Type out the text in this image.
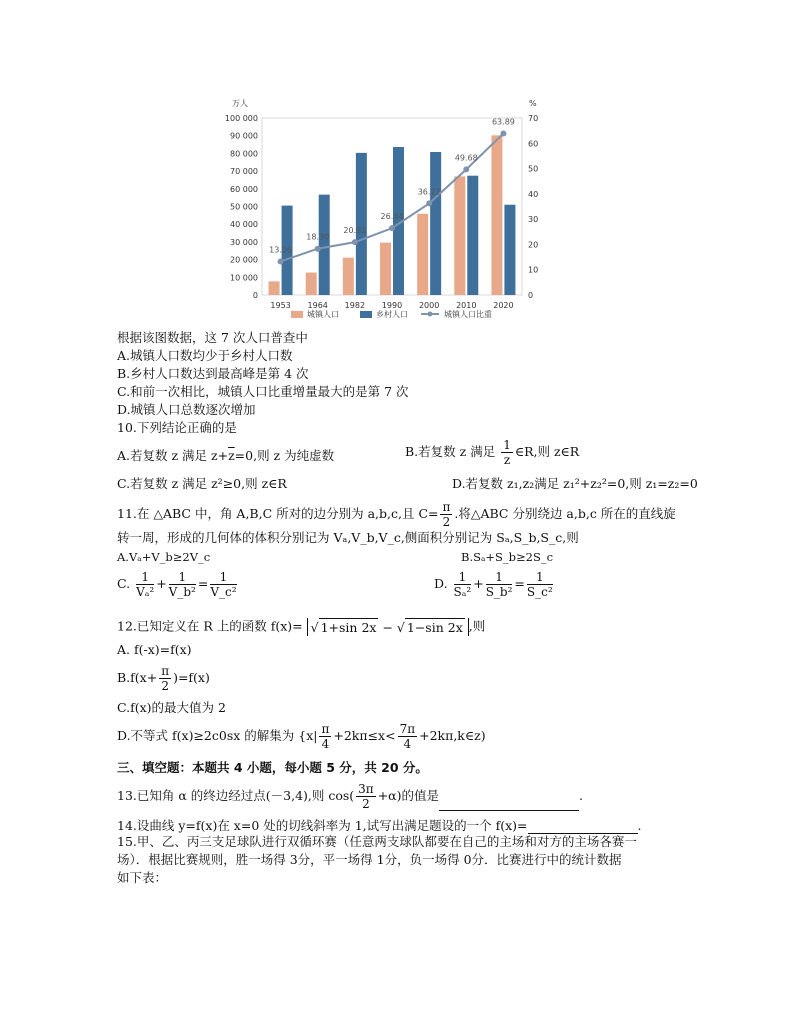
万人	%
100 000
90 000
80 000
70 000
60 000
50 000
40 000
30 000
20 000
10 000
0
70
60
50
40
30
20
10
0
1953 1964 1982 1990 2000 2010 2020
13.26
18.30
20.91
26.44
36.22
49.68
63.89
城镇人口	乡村人口	城镇人口比重
根据该图数据，这 7 次人口普查中
A.城镇人口数均少于乡村人口数
B.乡村人口数达到最高峰是第 4 次
C.和前一次相比，城镇人口比重增量最大的是第 7 次
D.城镇人口总数逐次增加
10.下列结论正确的是
A.若复数 z 满足 $z+\overline{z}=0$,则 z 为纯虚数	B.若复数 z 满足 $\frac{1}{z}$ ∈R,则 z∈R
C.若复数 z 满足 z²≥0,则 z∈R	D.若复数 z₁,z₂满足 z₁²+z₂²=0,则 z₁=z₂=0
11.在 △ABC 中，角 A,B,C 所对的边分别为 a,b,c,且 $C= \frac{\pi}{2}$ .将△ABC 分别绕边 a,b,c 所在的直线旋
转一周，形成的几何体的体积分别记为 Vₐ,V_b,V_c,侧面积分别记为 Sₐ,S_b,S_c,则
A.Vₐ+V_b≥2V_c	B.Sₐ+S_b≥2S_c
C. $\frac{1}{\text{Vₐ²}} + \frac{1}{\text{V\_b²}} = \frac{1}{\text{V\_c²}}$	D. $\frac{1}{\text{Sₐ²}} + \frac{1}{\text{S\_b²}} = \frac{1}{\text{S\_c²}}$
12.已知定义在 R 上的函数 f(x)= √ 1+sin 2x − √ 1−sin 2x ,则
A. f(-x)=f(x)
$B.f(x+ \frac{\pi}{2} )=f(x)$
C.f(x)的最大值为 2
D.不等式 f(x)≥2c0sx 的解集为 {$x| \frac{\pi}{4} +2k\pi\le x< \frac{7\pi}{4}$ +2kπ,k∈z)
三、填空题：本题共 4 小题，每小题 5 分，共 20 分。
13.已知角 α 的终边经过点(－3,4),则 $\cos( \frac{3\pi}{2} +\alpha)$的值是	.
14.设曲线 y=f(x)在 x=0 处的切线斜率为 1,试写出满足题设的一个 f(x)=	.
15.甲、乙、丙三支足球队进行双循环赛（任意两支球队都要在自己的主场和对方的主场各赛一
场）．根据比赛规则，胜一场得 3分，平一场得 1分，负一场得 0分．比赛进行中的统计数据
如下表：
